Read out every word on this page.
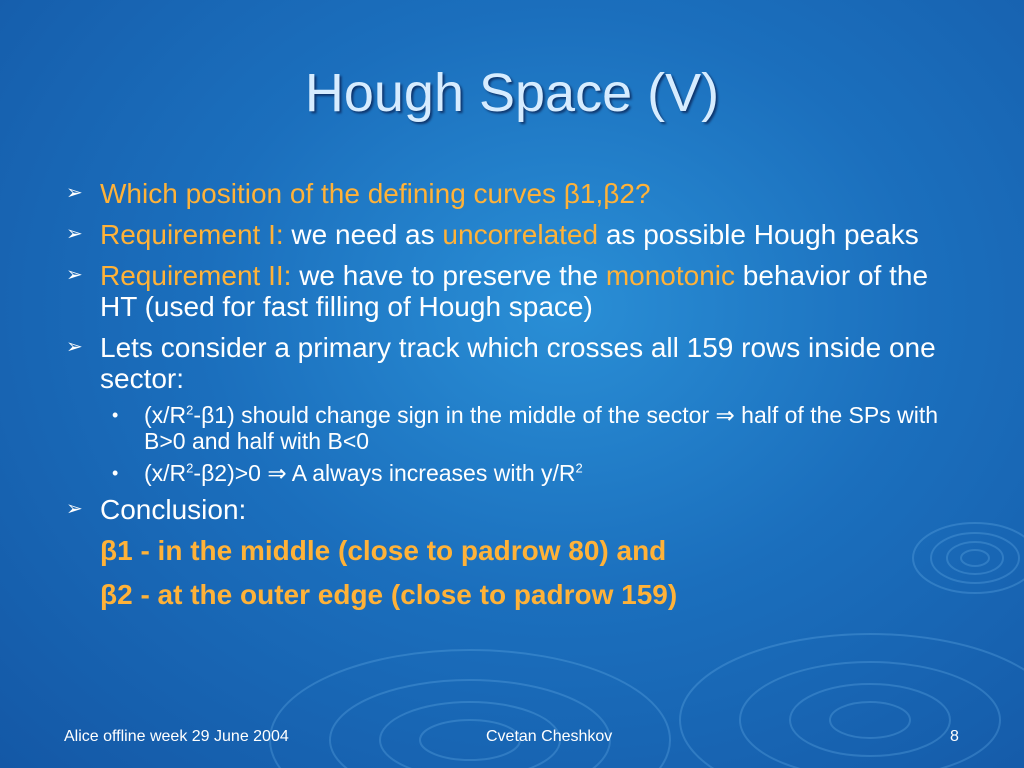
Hough Space (V)
➢ Which position of the defining curves β1,β2?
➢ Requirement I: we need as uncorrelated as possible Hough peaks
➢ Requirement II: we have to preserve the monotonic behavior of the HT (used for fast filling of Hough space)
➢ Lets consider a primary track which crosses all 159 rows inside one sector:
• $(x/R^2-\beta 1)$ should change sign in the middle of the sector ⇒ half of the SPs with B>0 and half with B<0
• $(x/R^2-\beta 2)>0$ ⇒ A always increases with $y/R^2$
➢ Conclusion:
β1 - in the middle (close to padrow 80) and
β2 - at the outer edge (close to padrow 159)
Alice offline week 29 June 2004	Cvetan Cheshkov	8
